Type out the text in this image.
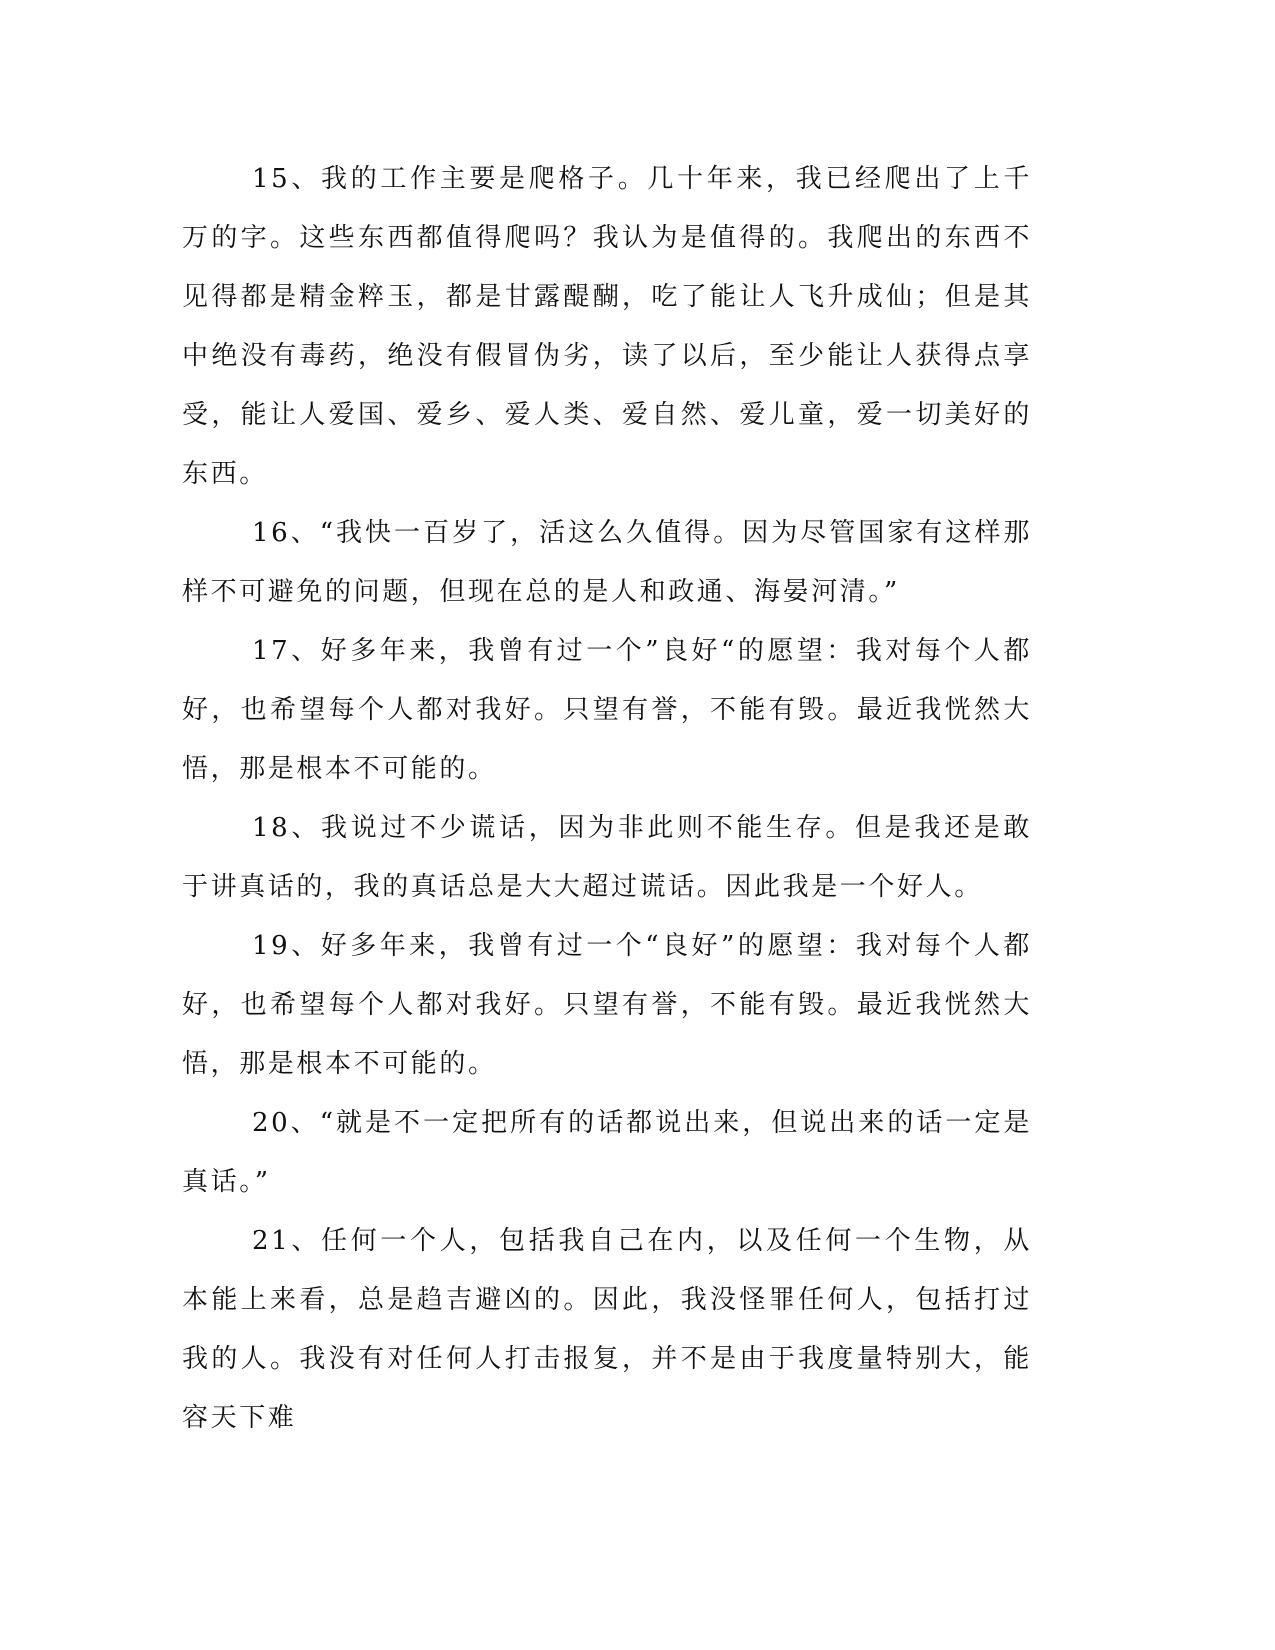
15、我的工作主要是爬格子。几十年来，我已经爬出了上千万的字。这些东西都值得爬吗？我认为是值得的。我爬出的东西不见得都是精金粹玉，都是甘露醍醐，吃了能让人飞升成仙；但是其中绝没有毒药，绝没有假冒伪劣，读了以后，至少能让人获得点享受，能让人爱国、爱乡、爱人类、爱自然、爱儿童，爱一切美好的东西。

16、“我快一百岁了，活这么久值得。因为尽管国家有这样那样不可避免的问题，但现在总的是人和政通、海晏河清。”

17、好多年来，我曾有过一个”良好“的愿望：我对每个人都好，也希望每个人都对我好。只望有誉，不能有毁。最近我恍然大悟，那是根本不可能的。

18、我说过不少谎话，因为非此则不能生存。但是我还是敢于讲真话的，我的真话总是大大超过谎话。因此我是一个好人。

19、好多年来，我曾有过一个“良好”的愿望：我对每个人都好，也希望每个人都对我好。只望有誉，不能有毁。最近我恍然大悟，那是根本不可能的。

20、“就是不一定把所有的话都说出来，但说出来的话一定是真话。”

21、任何一个人，包括我自己在内，以及任何一个生物，从本能上来看，总是趋吉避凶的。因此，我没怪罪任何人，包括打过我的人。我没有对任何人打击报复，并不是由于我度量特别大，能容天下难
